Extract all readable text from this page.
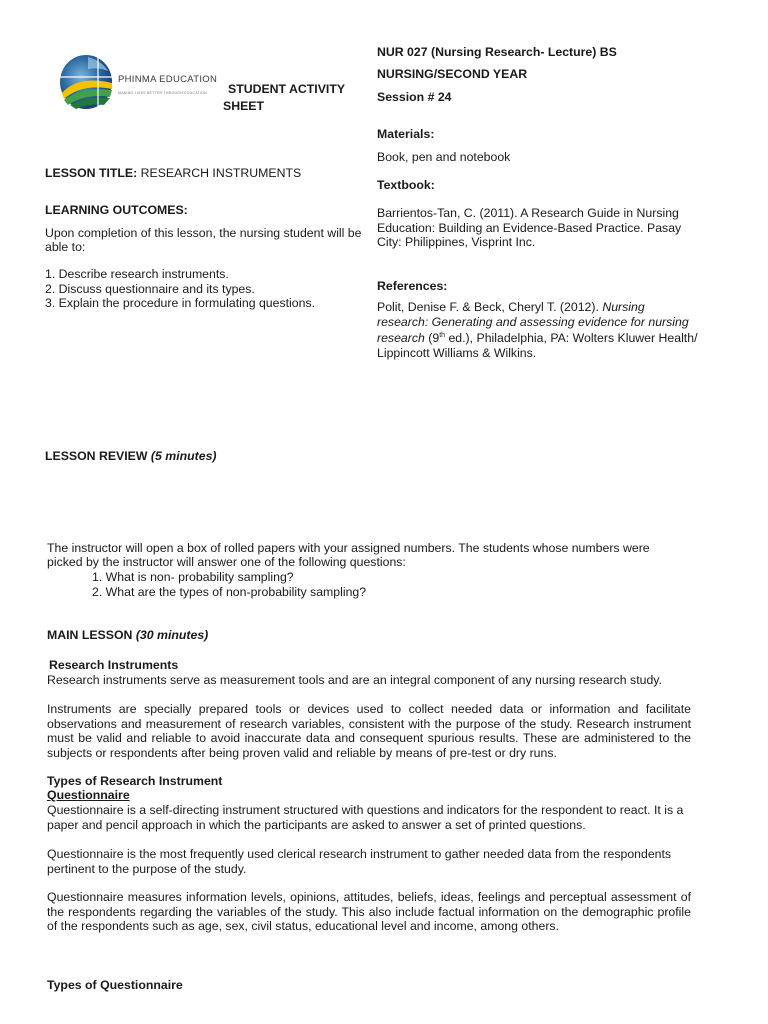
PHINMA EDUCATION
MAKING LIVES BETTER THROUGH EDUCATION STUDENT ACTIVITY
SHEET
NUR 027 (Nursing Research- Lecture) BS
NURSING/SECOND YEAR
Session # 24
Materials:
Book, pen and notebook
Textbook:
Barrientos-Tan, C. (2011). A Research Guide in Nursing
Education: Building an Evidence-Based Practice. Pasay
City: Philippines, Visprint Inc.
References:
Polit, Denise F. & Beck, Cheryl T. (2012). Nursing
research: Generating and assessing evidence for nursing
research (9th ed.), Philadelphia, PA: Wolters Kluwer Health/
Lippincott Williams & Wilkins.
LESSON TITLE: RESEARCH INSTRUMENTS
LEARNING OUTCOMES:
Upon completion of this lesson, the nursing student will be
able to:
1. Describe research instruments.
2. Discuss questionnaire and its types.
3. Explain the procedure in formulating questions.
LESSON REVIEW (5 minutes)
The instructor will open a box of rolled papers with your assigned numbers. The students whose numbers were
picked by the instructor will answer one of the following questions:
1. What is non- probability sampling?
2. What are the types of non-probability sampling?
MAIN LESSON (30 minutes)
Research Instruments
Research instruments serve as measurement tools and are an integral component of any nursing research study.

Instruments are specially prepared tools or devices used to collect needed data or information and facilitate observations and measurement of research variables, consistent with the purpose of the study. Research instrument must be valid and reliable to avoid inaccurate data and consequent spurious results. These are administered to the subjects or respondents after being proven valid and reliable by means of pre-test or dry runs.

Types of Research Instrument
Questionnaire

Questionnaire is a self-directing instrument structured with questions and indicators for the respondent to react. It is a paper and pencil approach in which the participants are asked to answer a set of printed questions.

Questionnaire is the most frequently used clerical research instrument to gather needed data from the respondents pertinent to the purpose of the study.

Questionnaire measures information levels, opinions, attitudes, beliefs, ideas, feelings and perceptual assessment of the respondents regarding the variables of the study. This also include factual information on the demographic profile of the respondents such as age, sex, civil status, educational level and income, among others.

Types of Questionnaire
